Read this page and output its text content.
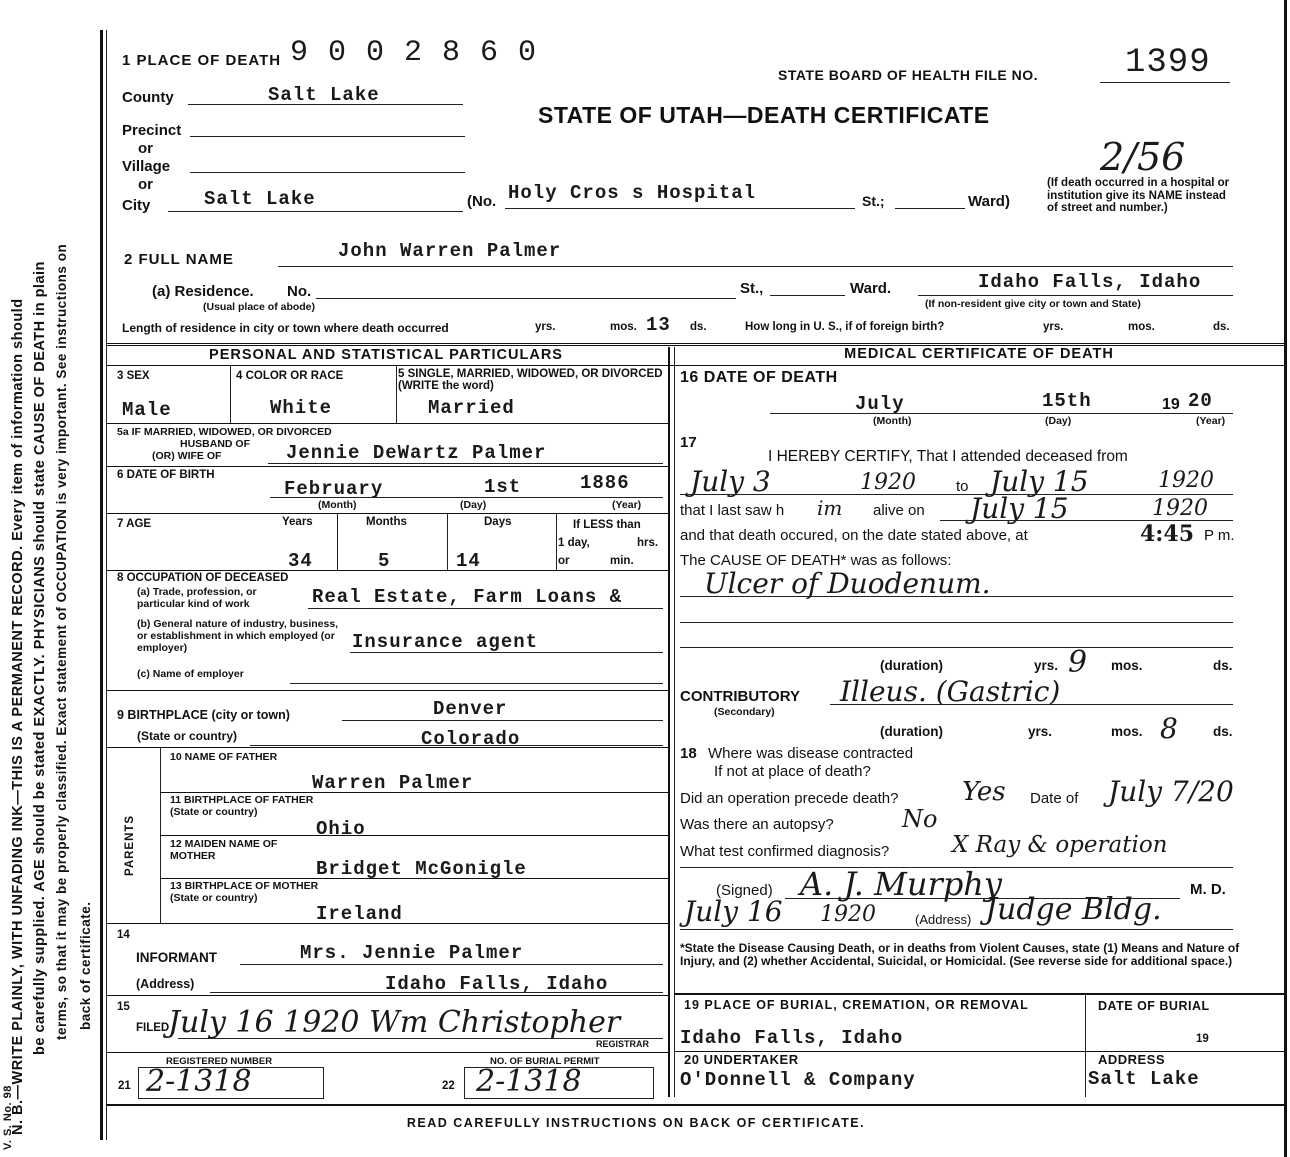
N. B.—WRITE PLAINLY, WITH UNFADING INK—THIS IS A PERMANENT RECORD. Every item of information should be carefully supplied. AGE should be stated EXACTLY. PHYSICIANS should state CAUSE OF DEATH in plain terms, so that it may be properly classified. Exact statement of OCCUPATION is very important. See instructions on back of certificate.
V. S. No. 98
1 PLACE OF DEATH 9 0 0 2 8 6 0
STATE BOARD OF HEALTH FILE NO.	1399
County	Salt Lake
STATE OF UTAH—DEATH CERTIFICATE
2/56
Precinct
or
Village
or
City	Salt Lake	(No. Holy Cros s Hospital	St.;	Ward)
(If death occurred in a hospital or institution give its NAME instead of street and number.)
2 FULL NAME	John Warren Palmer
(a) Residence. No.
(Usual place of abode)
St.,	Ward.	Idaho Falls, Idaho
(If non-resident give city or town and State)
Length of residence in city or town where death occurred	yrs.	mos. 13 ds.	How long in U. S., if of foreign birth?	yrs.	mos.	ds.
PERSONAL AND STATISTICAL PARTICULARS	MEDICAL CERTIFICATE OF DEATH
3 SEX
Male
4 COLOR OR RACE
White
5 SINGLE, MARRIED, WIDOWED, OR DIVORCED (WRITE the word)
Married
5a IF MARRIED, WIDOWED, OR DIVORCED
HUSBAND OF
(OR) WIFE OF	Jennie DeWartz Palmer
6 DATE OF BIRTH
February	1st	1886
(Month)	(Day)	(Year)
7 AGE	Years	Months	Days	If LESS than
1 day,	hrs.
or	min.
34	5	14
8 OCCUPATION OF DECEASED
(a) Trade, profession, or particular kind of work	Real Estate, Farm Loans &
(b) General nature of industry, business, or establishment in which employed (or employer)	Insurance agent
(c) Name of employer
9 BIRTHPLACE (city or town)	Denver
(State or country)	Colorado
PARENTS
10 NAME OF FATHER
Warren Palmer
11 BIRTHPLACE OF FATHER (State or country)
Ohio
12 MAIDEN NAME OF MOTHER
Bridget McGonigle
13 BIRTHPLACE OF MOTHER (State or country)
Ireland
14
INFORMANT	Mrs. Jennie Palmer
(Address)	Idaho Falls, Idaho
15
FILED
July 16 1920 Wm Christopher
REGISTRAR
REGISTERED NUMBER
21 2-1318
NO. OF BURIAL PERMIT
22 2-1318
16 DATE OF DEATH
July	15th	19 20
(Month)	(Day)	(Year)
17
I HEREBY CERTIFY, That I attended deceased from
July 3	1920	to July 15	1920
that I last saw h im alive on July 15	1920
and that death occured, on the date stated above, at	4:45 P m.
The CAUSE OF DEATH* was as follows:
Ulcer of Duodenum.
(duration)	yrs. 9 mos.	ds.
CONTRIBUTORY
(Secondary)
Illeus. (Gastric)
(duration)	yrs.	mos. 8	ds.
18 Where was disease contracted
If not at place of death?
Did an operation precede death? Yes Date of July 7/20
Was there an autopsy?	No
What test confirmed diagnosis?	X Ray & operation
(Signed) A. J. Murphy	M. D.
July 16 1920	(Address) Judge Bldg.
*State the Disease Causing Death, or in deaths from Violent Causes, state (1) Means and Nature of Injury, and (2) whether Accidental, Suicidal, or Homicidal. (See reverse side for additional space.)
19 PLACE OF BURIAL, CREMATION, OR REMOVAL	DATE OF BURIAL
Idaho Falls, Idaho	19
20 UNDERTAKER
O'Donnell & Company
ADDRESS
Salt Lake
READ CAREFULLY INSTRUCTIONS ON BACK OF CERTIFICATE.
